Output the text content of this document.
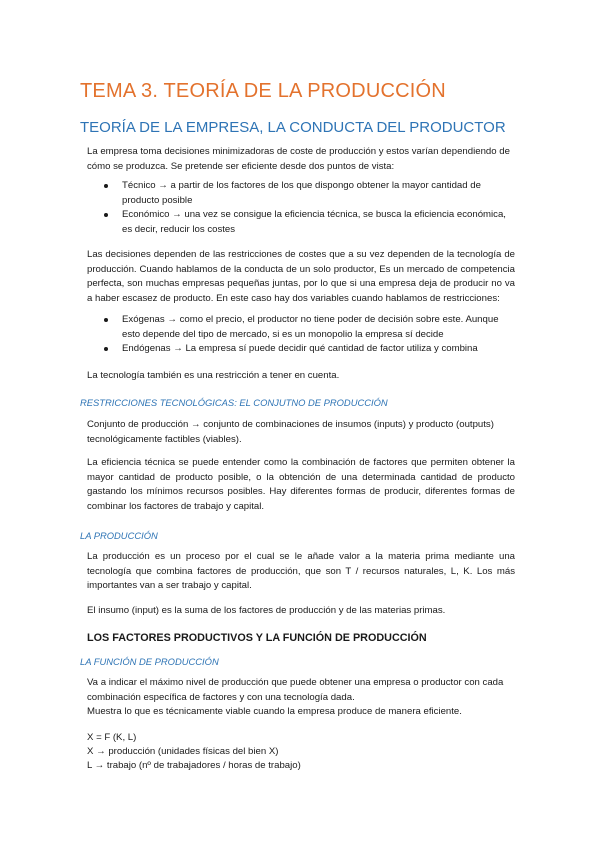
TEMA 3. TEORÍA DE LA PRODUCCIÓN
TEORÍA DE LA EMPRESA, LA CONDUCTA DEL PRODUCTOR

La empresa toma decisiones minimizadoras de coste de producción y estos varían dependiendo de cómo se produzca. Se pretende ser eficiente desde dos puntos de vista:

Técnico → a partir de los factores de los que dispongo obtener la mayor cantidad de producto posible
Económico → una vez se consigue la eficiencia técnica, se busca la eficiencia económica, es decir, reducir los costes

Las decisiones dependen de las restricciones de costes que a su vez dependen de la tecnología de producción. Cuando hablamos de la conducta de un solo productor, Es un mercado de competencia perfecta, son muchas empresas pequeñas juntas, por lo que si una empresa deja de producir no va a haber escasez de producto. En este caso hay dos variables cuando hablamos de restricciones:

Exógenas → como el precio, el productor no tiene poder de decisión sobre este. Aunque esto depende del tipo de mercado, si es un monopolio la empresa sí decide
Endógenas → La empresa sí puede decidir qué cantidad de factor utiliza y combina

La tecnología también es una restricción a tener en cuenta.

RESTRICCIONES TECNOLÓGICAS: EL CONJUTNO DE PRODUCCIÓN

Conjunto de producción → conjunto de combinaciones de insumos (inputs) y producto (outputs) tecnológicamente factibles (viables).

La eficiencia técnica se puede entender como la combinación de factores que permiten obtener la mayor cantidad de producto posible, o la obtención de una determinada cantidad de producto gastando los mínimos recursos posibles. Hay diferentes formas de producir, diferentes formas de combinar los factores de trabajo y capital.

LA PRODUCCIÓN

La producción es un proceso por el cual se le añade valor a la materia prima mediante una tecnología que combina factores de producción, que son T / recursos naturales, L, K. Los más importantes van a ser trabajo y capital.

El insumo (input) es la suma de los factores de producción y de las materias primas.

LOS FACTORES PRODUCTIVOS Y LA FUNCIÓN DE PRODUCCIÓN

LA FUNCIÓN DE PRODUCCIÓN

Va a indicar el máximo nivel de producción que puede obtener una empresa o productor con cada combinación específica de factores y con una tecnología dada.

Muestra lo que es técnicamente viable cuando la empresa produce de manera eficiente.

X = F (K, L)

X → producción (unidades físicas del bien X)

L → trabajo (nº de trabajadores / horas de trabajo)
